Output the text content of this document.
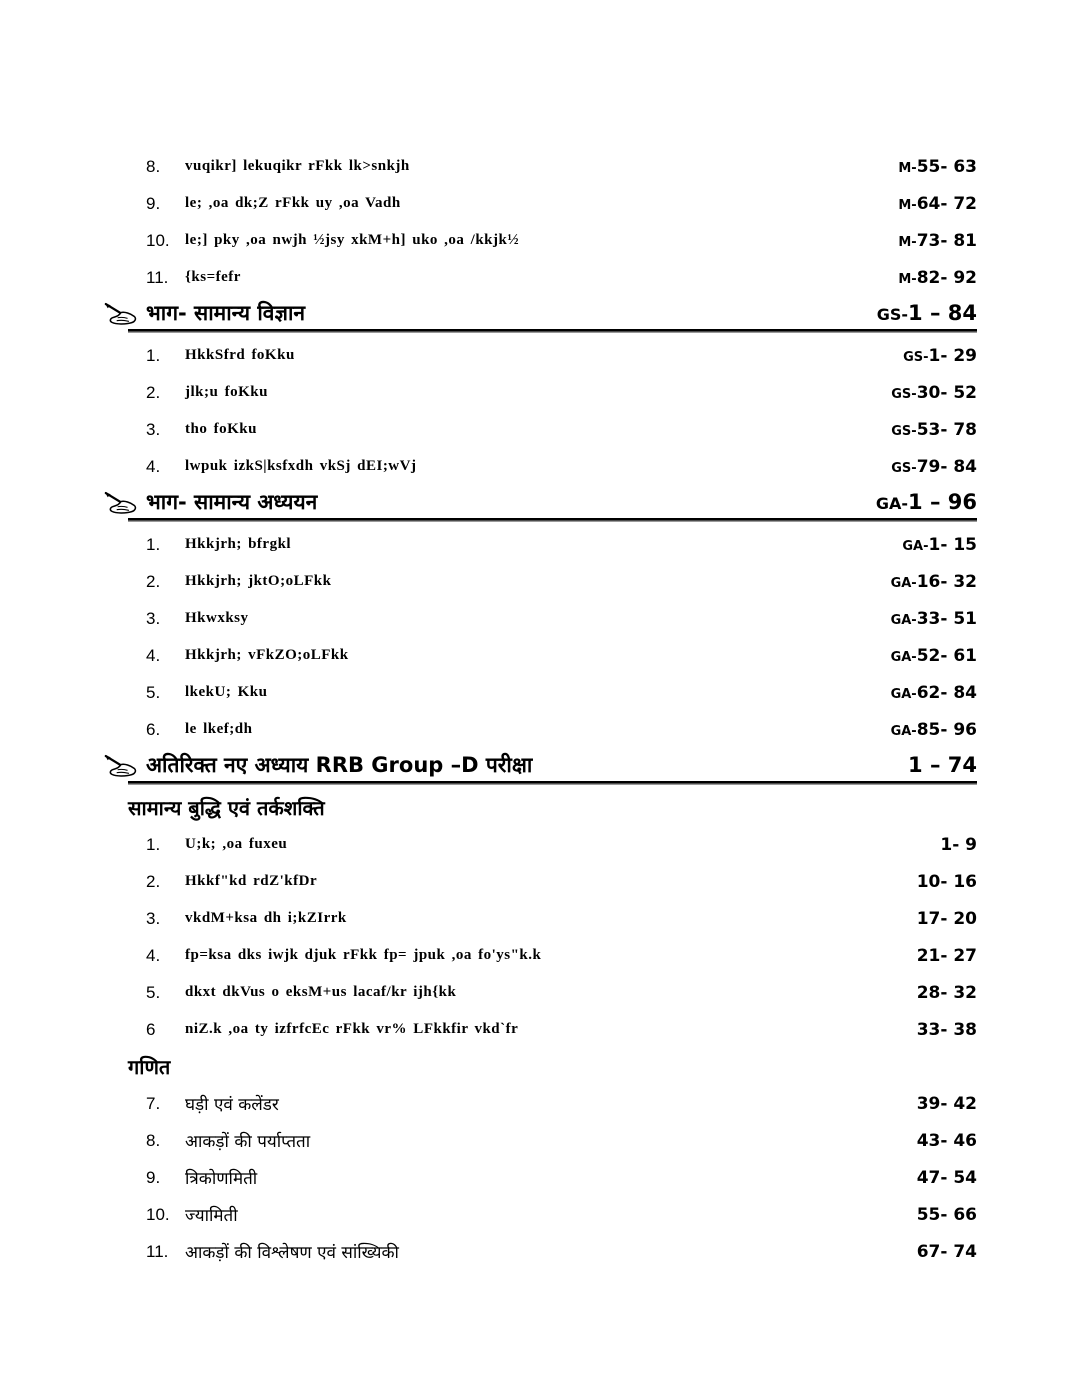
8.	vuqikr] lekuqikr rFkk lk>snkjh	M-55- 63
9.	le; ,oa dk;Z rFkk uy ,oa Vadh	M-64- 72
10.	le;] pky ,oa nwjh ½jsy xkM+h] uko ,oa /kkjk½	M-73- 81
11.	{ks=fefr	M-82- 92
भाग- सामान्य विज्ञान	GS-1 – 84
1.	HkkSfrd foKku	GS-1- 29
2.	jlk;u foKku	GS-30- 52
3.	tho foKku	GS-53- 78
4.	lwpuk izkS|ksfxdh vkSj dEI;wVj	GS-79- 84
भाग- सामान्य अध्ययन	GA-1 – 96
1.	Hkkjrh; bfrgkl	GA-1- 15
2.	Hkkjrh; jktO;oLFkk	GA-16- 32
3.	Hkwxksy	GA-33- 51
4.	Hkkjrh; vFkZO;oLFkk	GA-52- 61
5.	lkekU; Kku	GA-62- 84
6.	le lkef;dh	GA-85- 96
अतिरिक्त नए अध्याय RRB Group –D परीक्षा	1 – 74
सामान्य बुद्धि एवं तर्कशक्ति
1.	U;k; ,oa fuxeu	1- 9
2.	Hkkf"kd rdZ'kfDr	10- 16
3.	vkdM+ksa dh i;kZIrrk	17- 20
4.	fp=ksa dks iwjk djuk rFkk fp= jpuk ,oa fo'ys"k.k	21- 27
5.	dkxt dkVus o eksM+us lacaf/kr ijh{kk	28- 32
6	niZ.k ,oa ty izfrfcEc rFkk vr% LFkkfir vkd`fr	33- 38
गणित
7.	घड़ी एवं कलेंडर	39- 42
8.	आकड़ों की पर्याप्तता	43- 46
9.	त्रिकोणमिती	47- 54
10. ज्यामिती	55- 66
11. आकड़ों की विश्लेषण एवं सांख्यिकी	67- 74
